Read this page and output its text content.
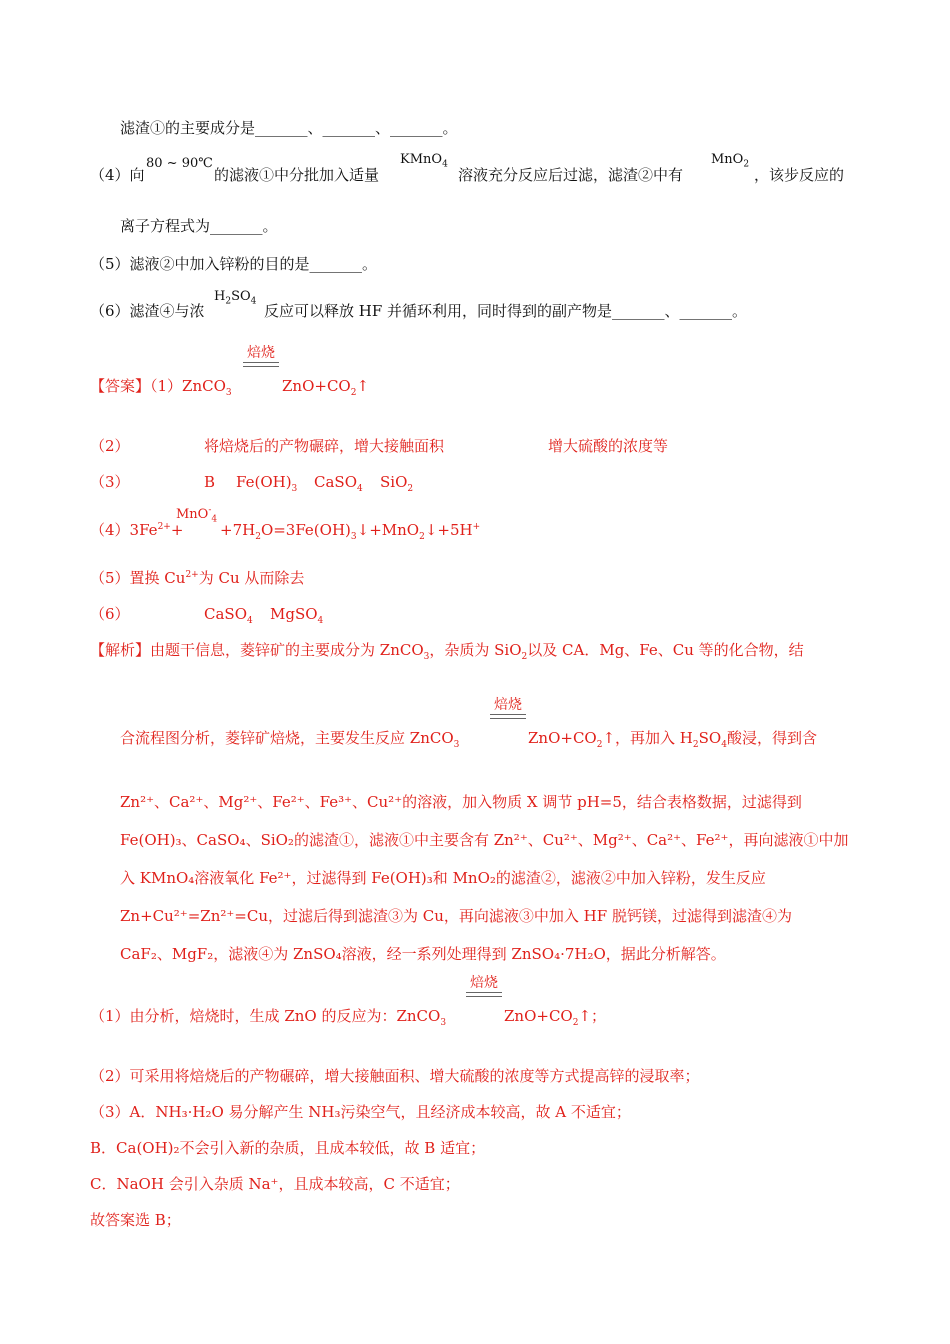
滤渣①的主要成分是_______、_______、_______。
（4）向
80 ~ 90℃
的滤液①中分批加入适量
KMnO$_4$
溶液充分反应后过滤，滤渣②中有
MnO$_2$
，该步反应的
离子方程式为_______。
（5）滤液②中加入锌粉的目的是_______。
（6）滤渣④与浓
$H_2SO_4$
反应可以释放 HF 并循环利用，同时得到的副产物是_______、_______。
焙烧
【答案】（1）ZnCO$_3$	$ZnO+CO_2↑$
（2）	将焙烧后的产物碾碎，增大接触面积	增大硫酸的浓度等
（3）	B $Fe(OH)_3$ CaSO$_4$ SiO$_2$
$(4)3Fe^{2+}+$
MnO-$_4$
$+7H_2O=3Fe(OH)_3↓+MnO_2↓+5H^+$
（5）置换 $Cu^{2+}$为 Cu 从而除去
（6）	CaSO$_4$ MgSO$_4$
【解析】由题干信息，菱锌矿的主要成分为 ZnCO$_3$，杂质为 SiO$_2$以及 CA．Mg、Fe、Cu 等的化合物，结
焙烧
合流程图分析，菱锌矿焙烧，主要发生反应 ZnCO$_3$	$ZnO+CO_2↑$，再加入 $H_2SO_4$酸浸，得到含
Zn²⁺、Ca²⁺、Mg²⁺、Fe²⁺、Fe³⁺、Cu²⁺的溶液，加入物质 X 调节 pH=5，结合表格数据，过滤得到
Fe(OH)₃、CaSO₄、SiO₂的滤渣①，滤液①中主要含有 Zn²⁺、Cu²⁺、Mg²⁺、Ca²⁺、Fe²⁺，再向滤液①中加
入 KMnO₄溶液氧化 Fe²⁺，过滤得到 Fe(OH)₃和 MnO₂的滤渣②，滤液②中加入锌粉，发生反应
Zn+Cu²⁺=Zn²⁺=Cu，过滤后得到滤渣③为 Cu，再向滤液③中加入 HF 脱钙镁，过滤得到滤渣④为
CaF₂、MgF₂，滤液④为 ZnSO₄溶液，经一系列处理得到 ZnSO₄·7H₂O，据此分析解答。
焙烧
（1）由分析，焙烧时，生成 ZnO 的反应为：ZnCO$_3$	$ZnO+CO_2↑$；
（2）可采用将焙烧后的产物碾碎，增大接触面积、增大硫酸的浓度等方式提高锌的浸取率；
（3）A．NH₃·H₂O 易分解产生 NH₃污染空气，且经济成本较高，故 A 不适宜；
B．Ca(OH)₂不会引入新的杂质，且成本较低，故 B 适宜；
C．NaOH 会引入杂质 Na⁺，且成本较高，C 不适宜；
故答案选 B；
